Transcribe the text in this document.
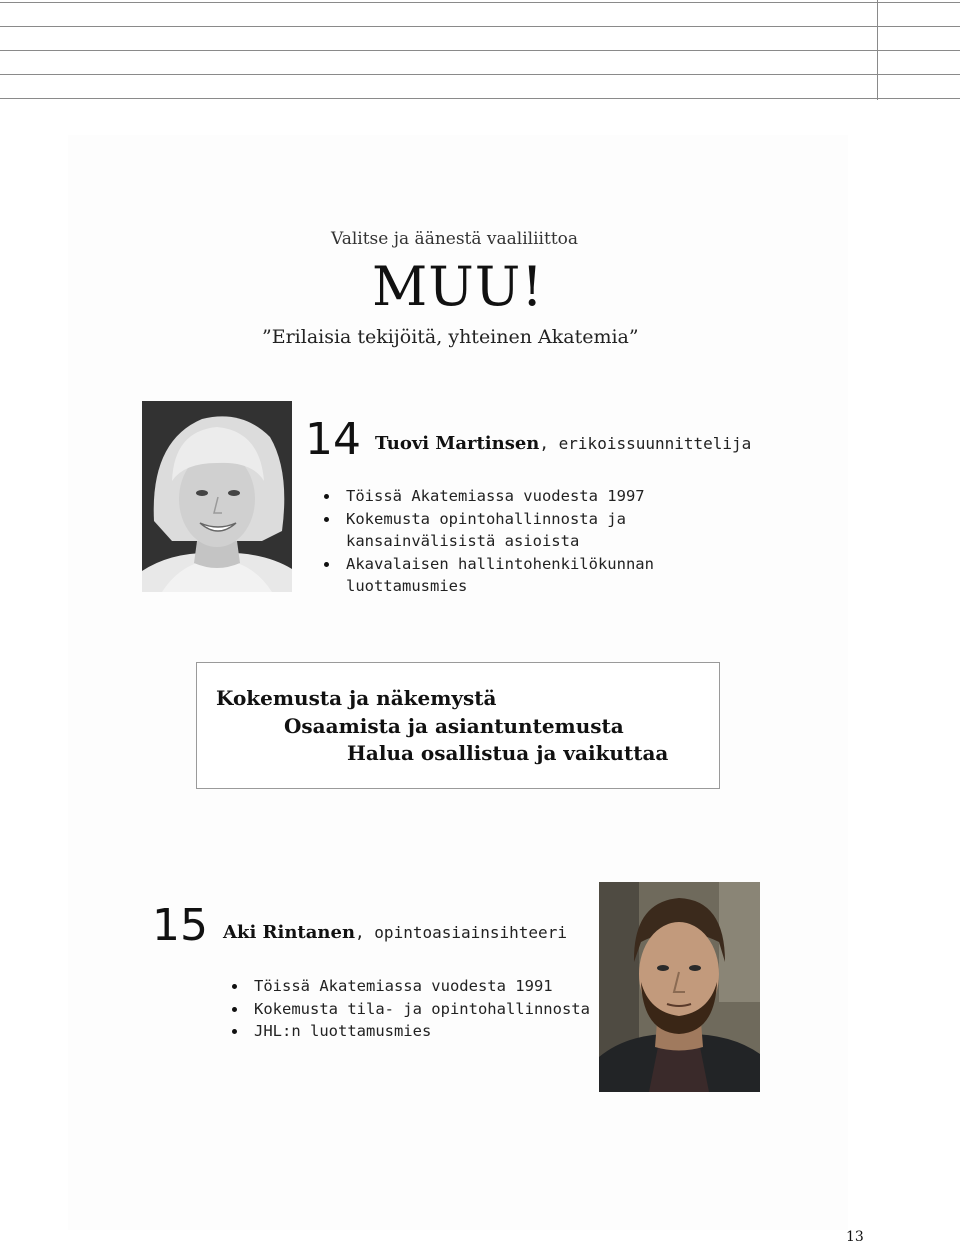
Valitse ja äänestä vaaliliittoa
MUU!
”Erilaisia tekijöitä, yhteinen Akatemia”
14 Tuovi Martinsen, erikoissuunnittelija
Töissä Akatemiassa vuodesta 1997
Kokemusta opintohallinnosta ja kansainvälisistä asioista
Akavalaisen hallintohenkilökunnan luottamusmies
Kokemusta ja näkemystä
Osaamista ja asiantuntemusta
Halua osallistua ja vaikuttaa
15 Aki Rintanen, opintoasiainsihteeri
Töissä Akatemiassa vuodesta 1991
Kokemusta tila- ja opintohallinnosta
JHL:n luottamusmies
13
